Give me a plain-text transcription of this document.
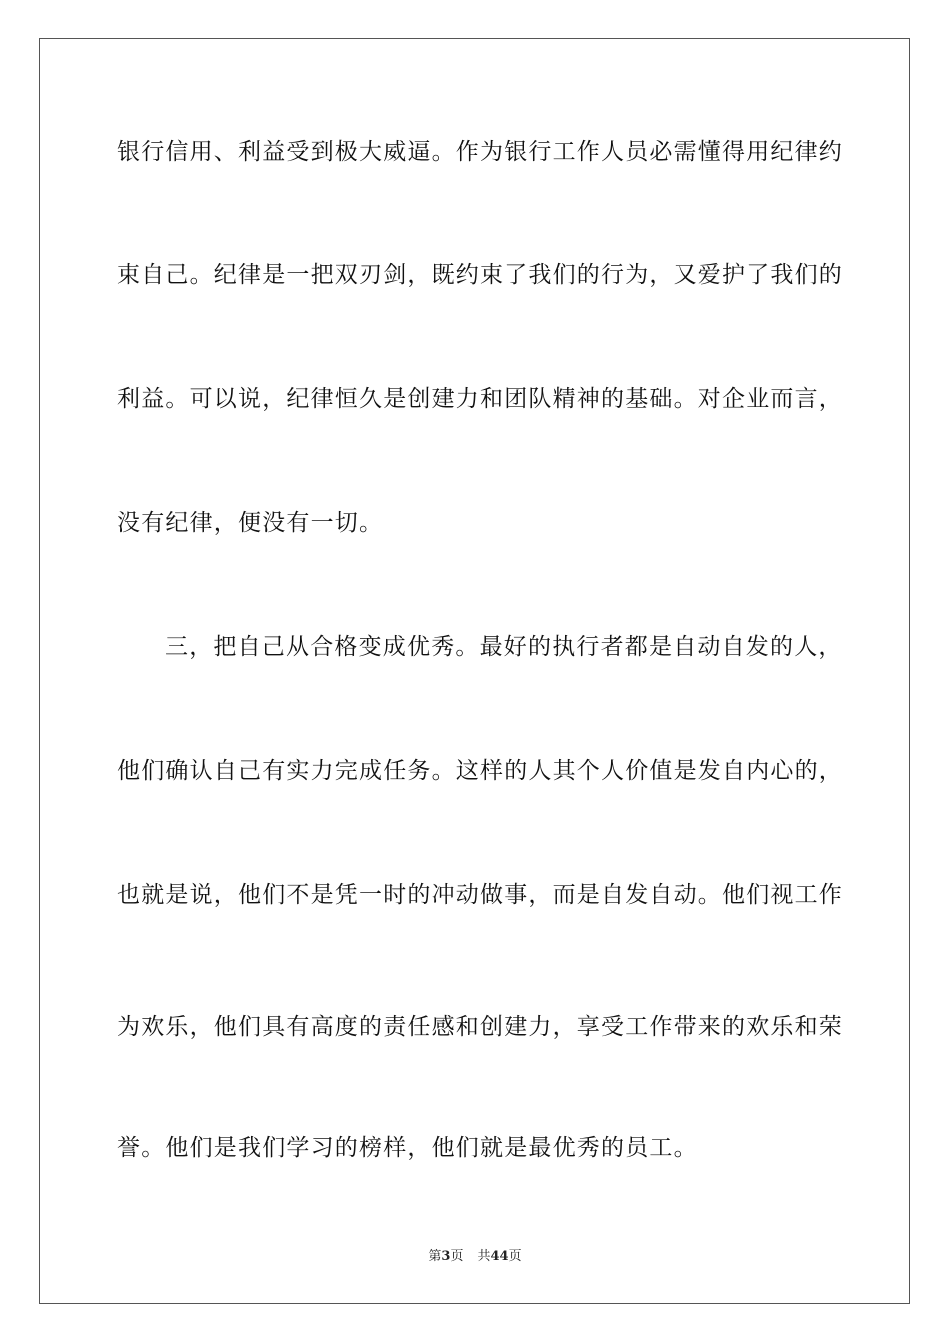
银行信用、利益受到极大威逼。作为银行工作人员必需懂得用纪律约
束自己。纪律是一把双刃剑，既约束了我们的行为，又爱护了我们的
利益。可以说，纪律恒久是创建力和团队精神的基础。对企业而言，
没有纪律，便没有一切。
三，把自己从合格变成优秀。最好的执行者都是自动自发的人，
他们确认自己有实力完成任务。这样的人其个人价值是发自内心的，
也就是说，他们不是凭一时的冲动做事，而是自发自动。他们视工作
为欢乐，他们具有高度的责任感和创建力，享受工作带来的欢乐和荣
誉。他们是我们学习的榜样，他们就是最优秀的员工。
第3页 共44页
